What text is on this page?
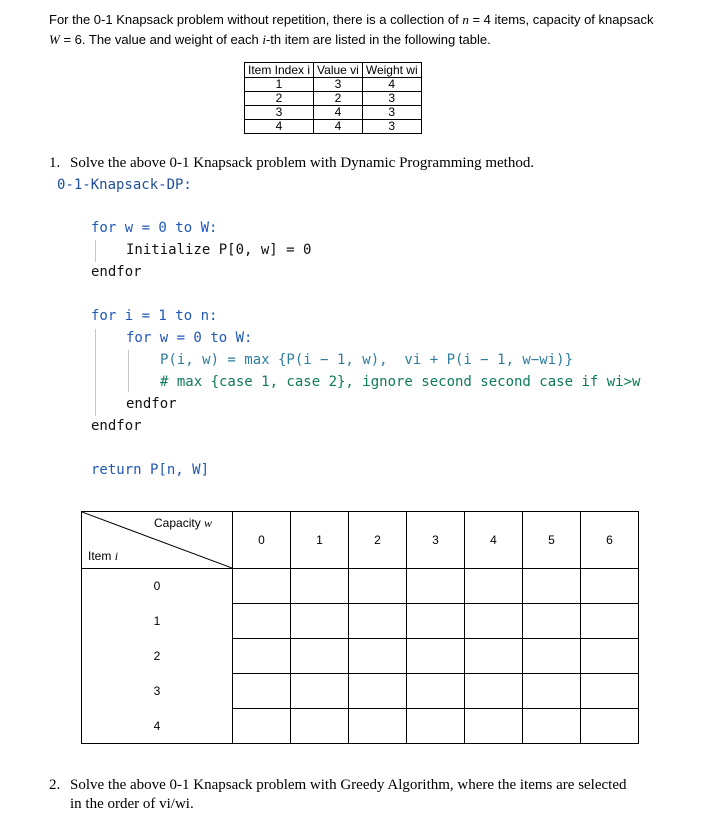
For the 0-1 Knapsack problem without repetition, there is a collection of n = 4 items, capacity of knapsack
W = 6. The value and weight of each i-th item are listed in the following table.
Item Index i	Value vi	Weight wi
1	3	4
2	2	3
3	4	3
4	4	3
1. Solve the above 0-1 Knapsack problem with Dynamic Programming method.
0-1-Knapsack-DP:
for w = 0 to W:
Initialize P[0, w] = 0
endfor
for i = 1 to n:
for w = 0 to W:
P(i, w) = max {P(i − 1, w),  vi + P(i − 1, w−wi)}
# max {case 1, case 2}, ignore second second case if wi>w
endfor
endfor
return P[n, W]
Capacity w
Item i	0	1	2	3	4	5	6
0							
1							
2							
3							
4							
2. Solve the above 0-1 Knapsack problem with Greedy Algorithm, where the items are selected
in the order of vi/wi.
